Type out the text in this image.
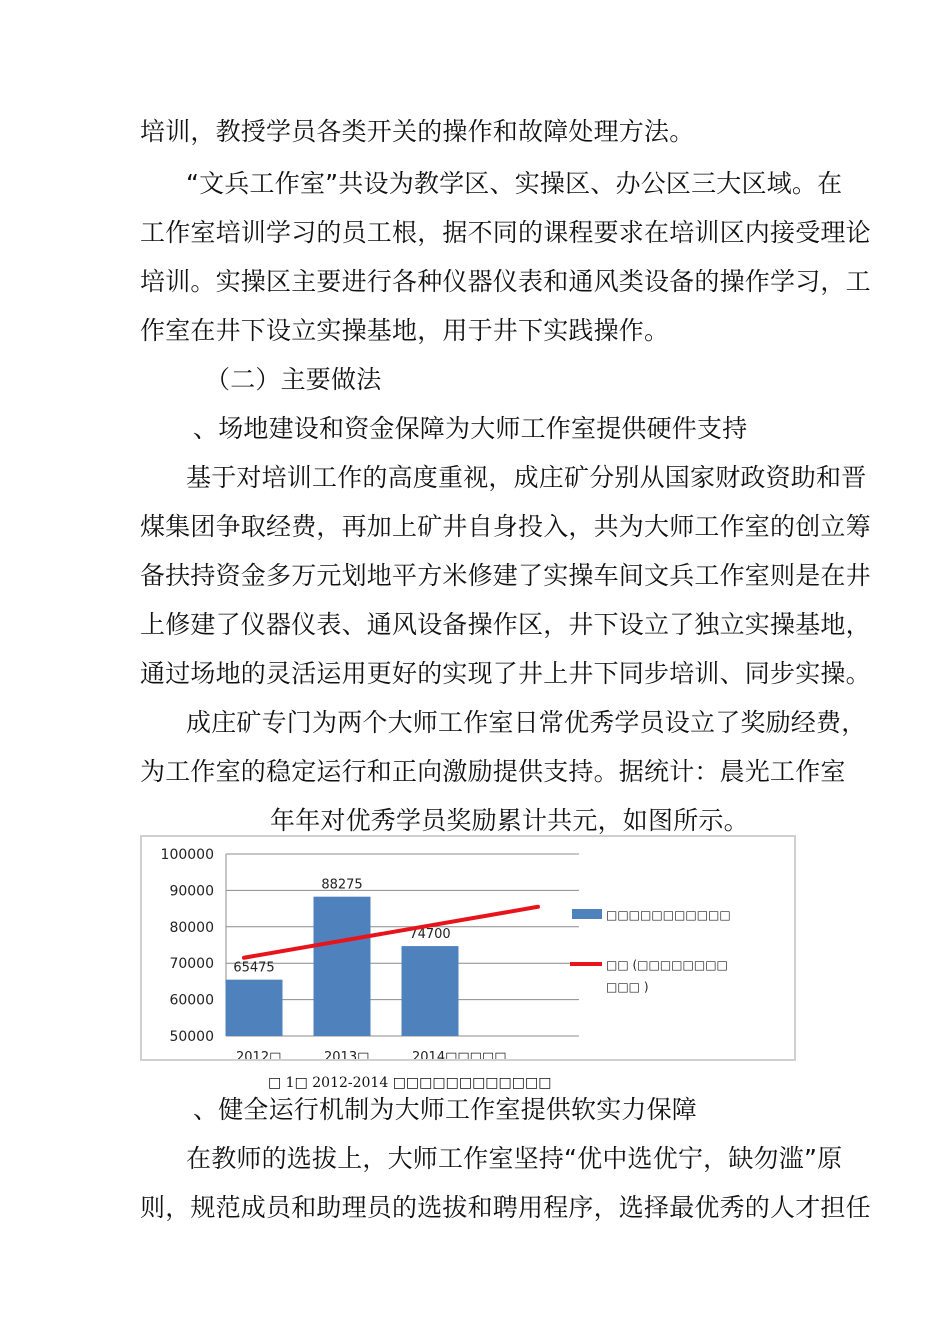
培训，教授学员各类开关的操作和故障处理方法。
“文兵工作室”共设为教学区、实操区、办公区三大区域。在
工作室培训学习的员工根，据不同的课程要求在培训区内接受理论
培训。实操区主要进行各种仪器仪表和通风类设备的操作学习，工
作室在井下设立实操基地，用于井下实践操作。
（二）主要做法
、场地建设和资金保障为大师工作室提供硬件支持
基于对培训工作的高度重视，成庄矿分别从国家财政资助和晋
煤集团争取经费，再加上矿井自身投入，共为大师工作室的创立筹
备扶持资金多万元划地平方米修建了实操车间文兵工作室则是在井
上修建了仪器仪表、通风设备操作区，井下设立了独立实操基地，
通过场地的灵活运用更好的实现了井上井下同步培训、同步实操。
成庄矿专门为两个大师工作室日常优秀学员设立了奖励经费，
为工作室的稳定运行和正向激励提供支持。据统计：晨光工作室
年年对优秀学员奖励累计共元，如图所示。
100000
90000
80000
70000
60000
50000
65475
2012□
88275
2013□
74700
2014□□□□□
□□□□□□□□□□□
□□ (□□□□□□□□
□□□ )
□ 1□ 2012-2014 □□□□□□□□□□□□
、健全运行机制为大师工作室提供软实力保障
在教师的选拔上，大师工作室坚持“优中选优宁，缺勿滥”原
则，规范成员和助理员的选拔和聘用程序，选择最优秀的人才担任
